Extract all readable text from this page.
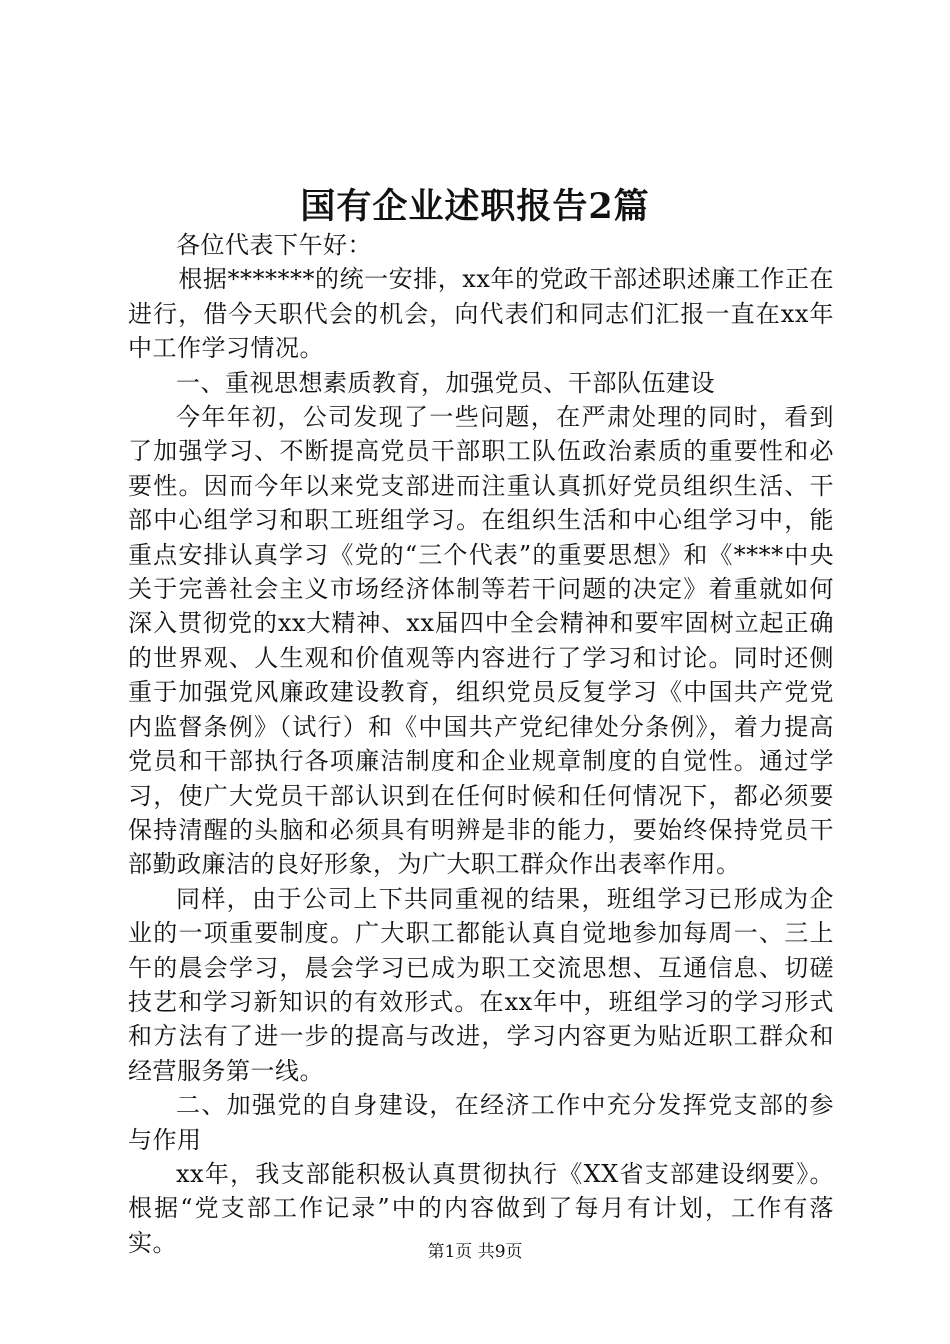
国有企业述职报告2篇

各位代表下午好：

根据*******的统一安排，xx年的党政干部述职述廉工作正在进行，借今天职代会的机会，向代表们和同志们汇报一直在xx年中工作学习情况。

一、重视思想素质教育，加强党员、干部队伍建设

今年年初，公司发现了一些问题，在严肃处理的同时，看到了加强学习、不断提高党员干部职工队伍政治素质的重要性和必要性。因而今年以来党支部进而注重认真抓好党员组织生活、干部中心组学习和职工班组学习。在组织生活和中心组学习中，能重点安排认真学习《党的“三个代表”的重要思想》和《****中央关于完善社会主义市场经济体制等若干问题的决定》着重就如何深入贯彻党的xx大精神、xx届四中全会精神和要牢固树立起正确的世界观、人生观和价值观等内容进行了学习和讨论。同时还侧重于加强党风廉政建设教育，组织党员反复学习《中国共产党党内监督条例》（试行）和《中国共产党纪律处分条例》，着力提高党员和干部执行各项廉洁制度和企业规章制度的自觉性。通过学习，使广大党员干部认识到在任何时候和任何情况下，都必须要保持清醒的头脑和必须具有明辨是非的能力，要始终保持党员干部勤政廉洁的良好形象，为广大职工群众作出表率作用。

同样，由于公司上下共同重视的结果，班组学习已形成为企业的一项重要制度。广大职工都能认真自觉地参加每周一、三上午的晨会学习，晨会学习已成为职工交流思想、互通信息、切磋技艺和学习新知识的有效形式。在xx年中，班组学习的学习形式和方法有了进一步的提高与改进，学习内容更为贴近职工群众和经营服务第一线。

二、加强党的自身建设，在经济工作中充分发挥党支部的参与作用

xx年，我支部能积极认真贯彻执行《XX省支部建设纲要》。根据“党支部工作记录”中的内容做到了每月有计划，工作有落实。	第1页 共9页
